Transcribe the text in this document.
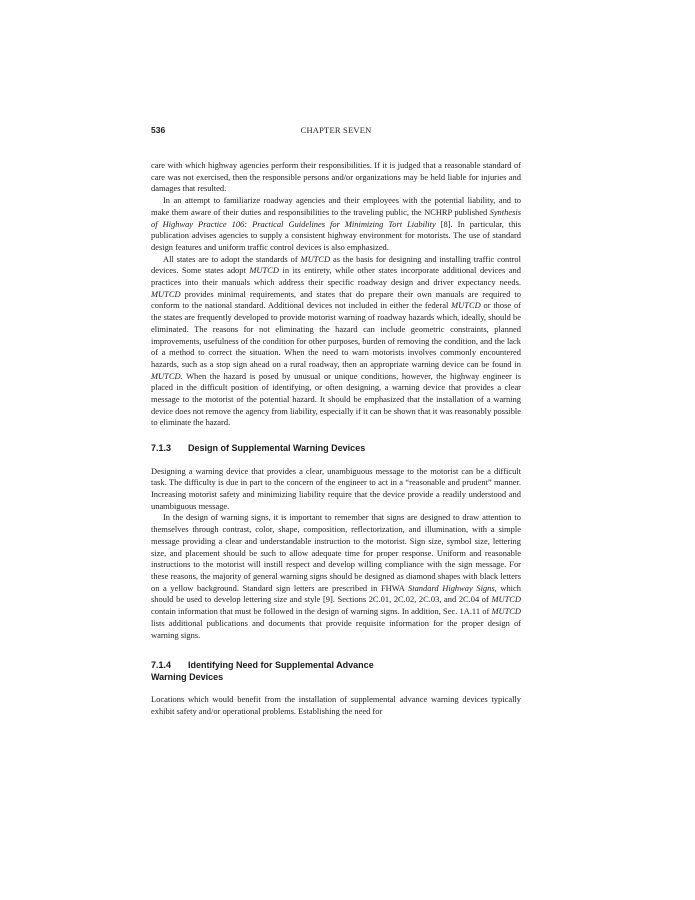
536	CHAPTER SEVEN

care with which highway agencies perform their responsibilities. If it is judged that a reasonable standard of care was not exercised, then the responsible persons and/or organizations may be held liable for injuries and damages that resulted.

In an attempt to familiarize roadway agencies and their employees with the potential liability, and to make them aware of their duties and responsibilities to the traveling public, the NCHRP published Synthesis of Highway Practice 106: Practical Guidelines for Minimizing Tort Liability [8]. In particular, this publication advises agencies to supply a consistent highway environment for motorists. The use of standard design features and uniform traffic control devices is also emphasized.

All states are to adopt the standards of MUTCD as the basis for designing and installing traffic control devices. Some states adopt MUTCD in its entirety, while other states incorporate additional devices and practices into their manuals which address their specific roadway design and driver expectancy needs. MUTCD provides minimal requirements, and states that do prepare their own manuals are required to conform to the national standard. Additional devices not included in either the federal MUTCD or those of the states are frequently developed to provide motorist warning of roadway hazards which, ideally, should be eliminated. The reasons for not eliminating the hazard can include geometric constraints, planned improvements, usefulness of the condition for other purposes, burden of removing the condition, and the lack of a method to correct the situation. When the need to warn motorists involves commonly encountered hazards, such as a stop sign ahead on a rural roadway, then an appropriate warning device can be found in MUTCD. When the hazard is posed by unusual or unique conditions, however, the highway engineer is placed in the difficult position of identifying, or often designing, a warning device that provides a clear message to the motorist of the potential hazard. It should be emphasized that the installation of a warning device does not remove the agency from liability, especially if it can be shown that it was reasonably possible to eliminate the hazard.

7.1.3 Design of Supplemental Warning Devices

Designing a warning device that provides a clear, unambiguous message to the motorist can be a difficult task. The difficulty is due in part to the concern of the engineer to act in a “reasonable and prudent” manner. Increasing motorist safety and minimizing liability require that the device provide a readily understood and unambiguous message.

In the design of warning signs, it is important to remember that signs are designed to draw attention to themselves through contrast, color, shape, composition, reflectorization, and illumination, with a simple message providing a clear and understandable instruction to the motorist. Sign size, symbol size, lettering size, and placement should be such to allow adequate time for proper response. Uniform and reasonable instructions to the motorist will instill respect and develop willing compliance with the sign message. For these reasons, the majority of general warning signs should be designed as diamond shapes with black letters on a yellow background. Standard sign letters are prescribed in FHWA Standard Highway Signs, which should be used to develop lettering size and style [9]. Sections 2C.01, 2C.02, 2C.03, and 2C.04 of MUTCD contain information that must be followed in the design of warning signs. In addition, Sec. 1A.11 of MUTCD lists additional publications and documents that provide requisite information for the proper design of warning signs.

7.1.4 Identifying Need for Supplemental Advance
Warning Devices

Locations which would benefit from the installation of supplemental advance warning devices typically exhibit safety and/or operational problems. Establishing the need for
